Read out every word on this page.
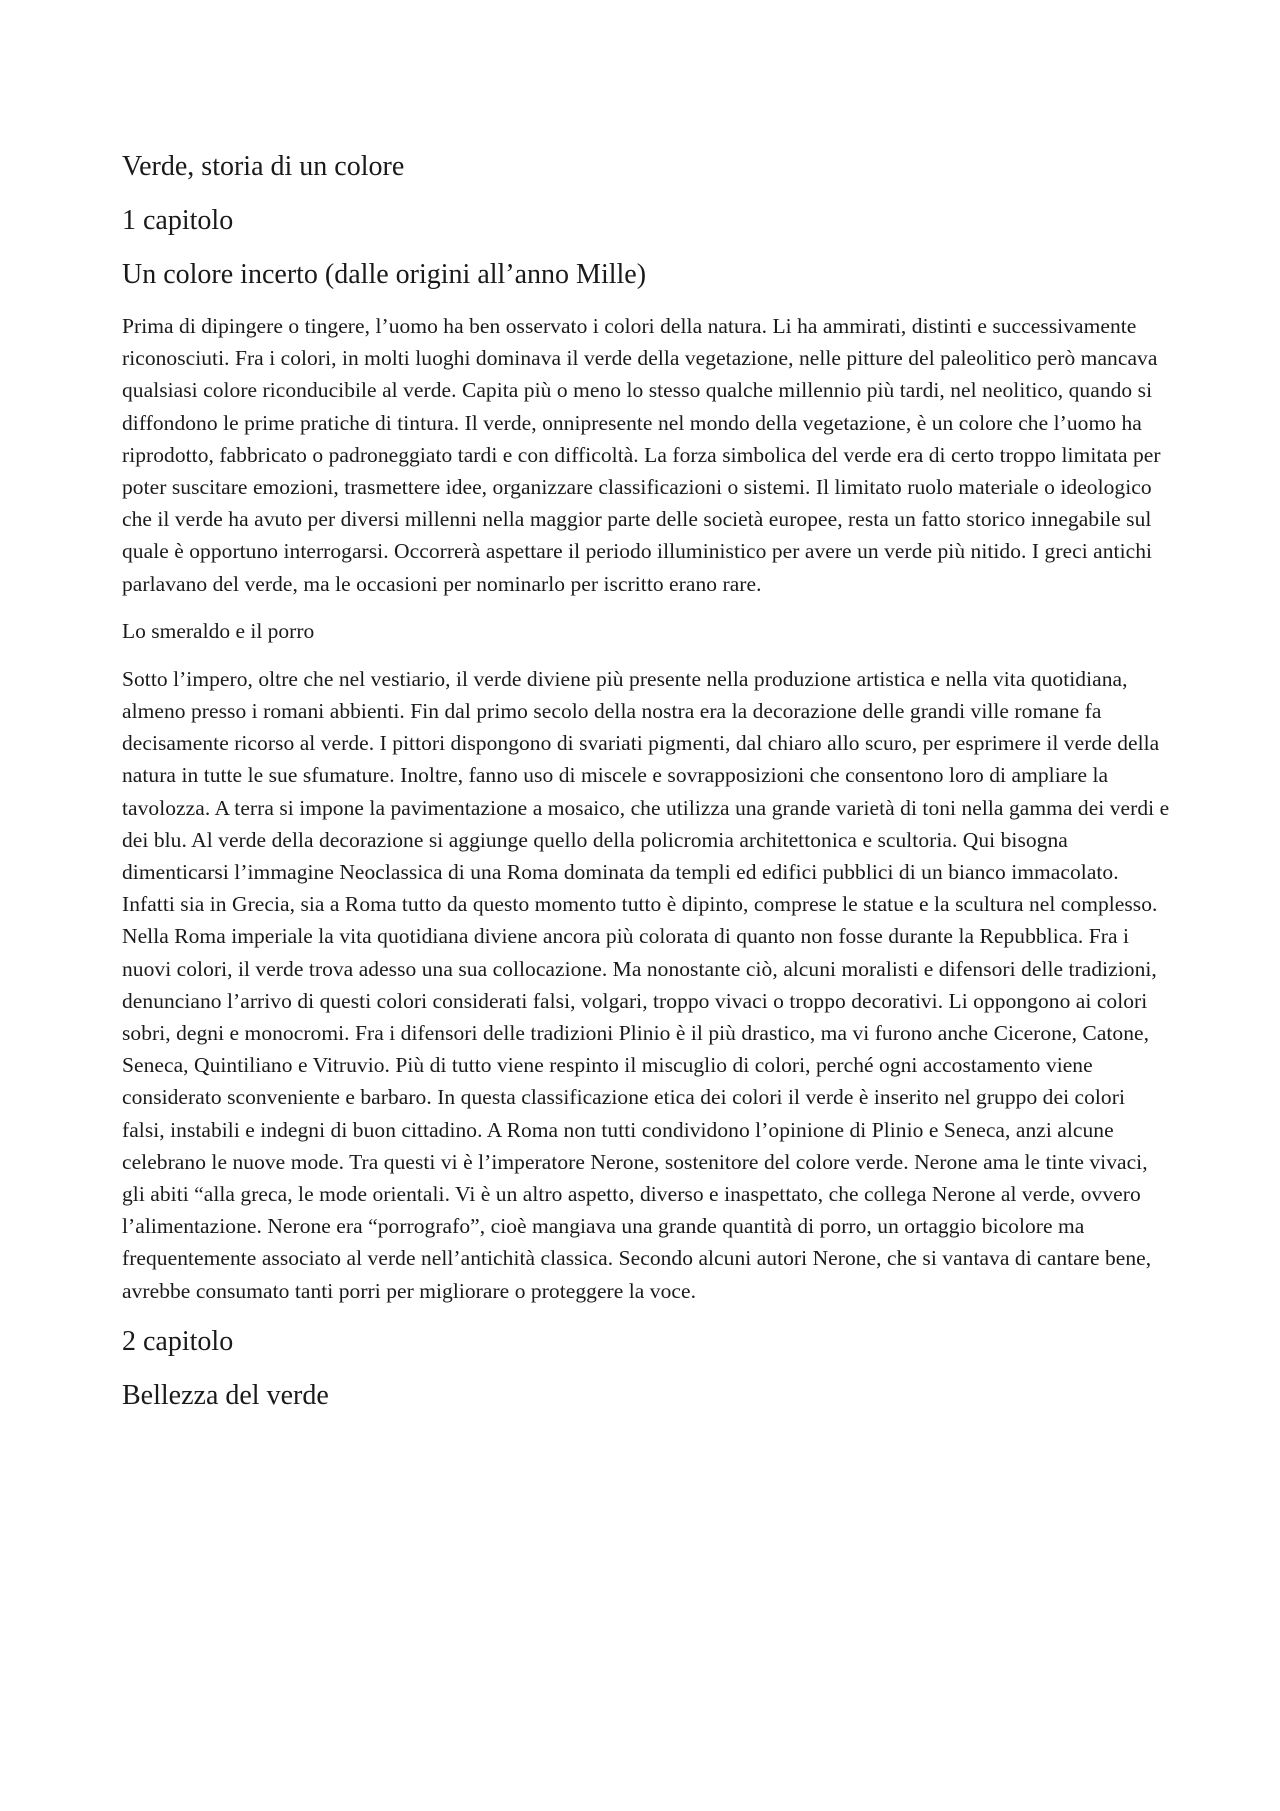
Verde, storia di un colore
1 capitolo
Un colore incerto (dalle origini all’anno Mille)

Prima di dipingere o tingere, l’uomo ha ben osservato i colori della natura. Li ha ammirati, distinti e successivamente riconosciuti. Fra i colori, in molti luoghi dominava il verde della vegetazione, nelle pitture del paleolitico però mancava qualsiasi colore riconducibile al verde. Capita più o meno lo stesso qualche millennio più tardi, nel neolitico, quando si diffondono le prime pratiche di tintura. Il verde, onnipresente nel mondo della vegetazione, è un colore che l’uomo ha riprodotto, fabbricato o padroneggiato tardi e con difficoltà. La forza simbolica del verde era di certo troppo limitata per poter suscitare emozioni, trasmettere idee, organizzare classificazioni o sistemi. Il limitato ruolo materiale o ideologico che il verde ha avuto per diversi millenni nella maggior parte delle società europee, resta un fatto storico innegabile sul quale è opportuno interrogarsi. Occorrerà aspettare il periodo illuministico per avere un verde più nitido. I greci antichi parlavano del verde, ma le occasioni per nominarlo per iscritto erano rare.

Lo smeraldo e il porro

Sotto l’impero, oltre che nel vestiario, il verde diviene più presente nella produzione artistica e nella vita quotidiana, almeno presso i romani abbienti. Fin dal primo secolo della nostra era la decorazione delle grandi ville romane fa decisamente ricorso al verde. I pittori dispongono di svariati pigmenti, dal chiaro allo scuro, per esprimere il verde della natura in tutte le sue sfumature. Inoltre, fanno uso di miscele e sovrapposizioni che consentono loro di ampliare la tavolozza. A terra si impone la pavimentazione a mosaico, che utilizza una grande varietà di toni nella gamma dei verdi e dei blu. Al verde della decorazione si aggiunge quello della policromia architettonica e scultoria. Qui bisogna dimenticarsi l’immagine Neoclassica di una Roma dominata da templi ed edifici pubblici di un bianco immacolato. Infatti sia in Grecia, sia a Roma tutto da questo momento tutto è dipinto, comprese le statue e la scultura nel complesso. Nella Roma imperiale la vita quotidiana diviene ancora più colorata di quanto non fosse durante la Repubblica. Fra i nuovi colori, il verde trova adesso una sua collocazione. Ma nonostante ciò, alcuni moralisti e difensori delle tradizioni, denunciano l’arrivo di questi colori considerati falsi, volgari, troppo vivaci o troppo decorativi. Li oppongono ai colori sobri, degni e monocromi. Fra i difensori delle tradizioni Plinio è il più drastico, ma vi furono anche Cicerone, Catone, Seneca, Quintiliano e Vitruvio. Più di tutto viene respinto il miscuglio di colori, perché ogni accostamento viene considerato sconveniente e barbaro. In questa classificazione etica dei colori il verde è inserito nel gruppo dei colori falsi, instabili e indegni di buon cittadino. A Roma non tutti condividono l’opinione di Plinio e Seneca, anzi alcune celebrano le nuove mode. Tra questi vi è l’imperatore Nerone, sostenitore del colore verde. Nerone ama le tinte vivaci, gli abiti “alla greca, le mode orientali. Vi è un altro aspetto, diverso e inaspettato, che collega Nerone al verde, ovvero l’alimentazione. Nerone era “porrografo”, cioè mangiava una grande quantità di porro, un ortaggio bicolore ma frequentemente associato al verde nell’antichità classica. Secondo alcuni autori Nerone, che si vantava di cantare bene, avrebbe consumato tanti porri per migliorare o proteggere la voce.

2 capitolo
Bellezza del verde
